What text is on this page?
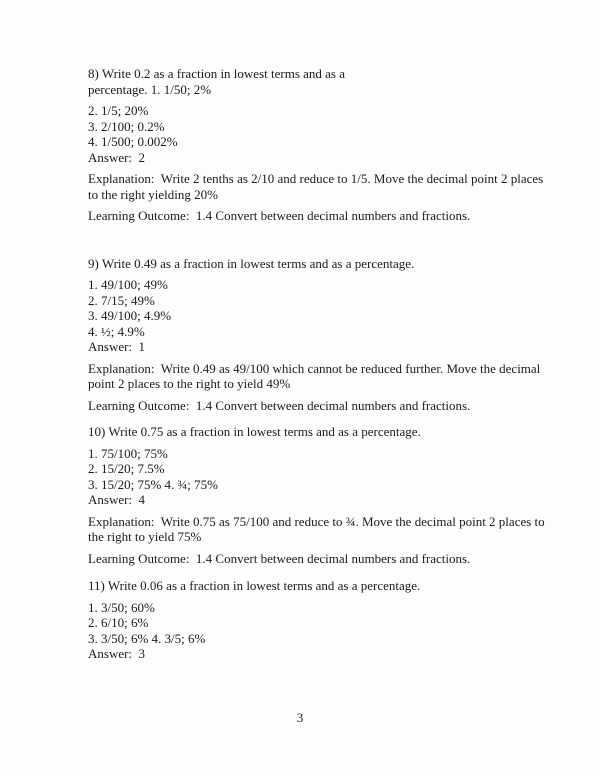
8) Write 0.2 as a fraction in lowest terms and as a
percentage. 1. 1/50; 2%
2. 1/5; 20%
3. 2/100; 0.2%
4. 1/500; 0.002%
Answer:  2
Explanation:  Write 2 tenths as 2/10 and reduce to 1/5. Move the decimal point 2 places
to the right yielding 20%
Learning Outcome:  1.4 Convert between decimal numbers and fractions.
9) Write 0.49 as a fraction in lowest terms and as a percentage.
1. 49/100; 49%
2. 7/15; 49%
3. 49/100; 4.9%
4. ½; 4.9%
Answer:  1
Explanation:  Write 0.49 as 49/100 which cannot be reduced further. Move the decimal
point 2 places to the right to yield 49%
Learning Outcome:  1.4 Convert between decimal numbers and fractions.
10) Write 0.75 as a fraction in lowest terms and as a percentage.
1. 75/100; 75%
2. 15/20; 7.5%
3. 15/20; 75% 4. ¾; 75%
Answer:  4
Explanation:  Write 0.75 as 75/100 and reduce to ¾. Move the decimal point 2 places to
the right to yield 75%
Learning Outcome:  1.4 Convert between decimal numbers and fractions.
11) Write 0.06 as a fraction in lowest terms and as a percentage.
1. 3/50; 60%
2. 6/10; 6%
3. 3/50; 6% 4. 3/5; 6%
Answer:  3
3
